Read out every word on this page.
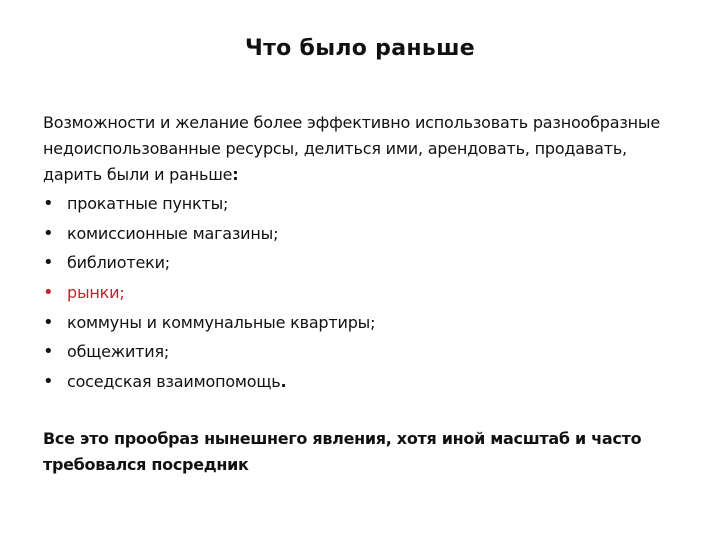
Что было раньше
Возможности и желание более эффективно использовать разнообразные недоиспользованные ресурсы, делиться ими, арендовать, продавать, дарить были и раньше:
• прокатные пункты;
• комиссионные магазины;
• библиотеки;
• рынки;
• коммуны и коммунальные квартиры;
• общежития;
• соседская взаимопомощь .
Все это прообраз нынешнего явления, хотя иной масштаб и часто требовался посредник
